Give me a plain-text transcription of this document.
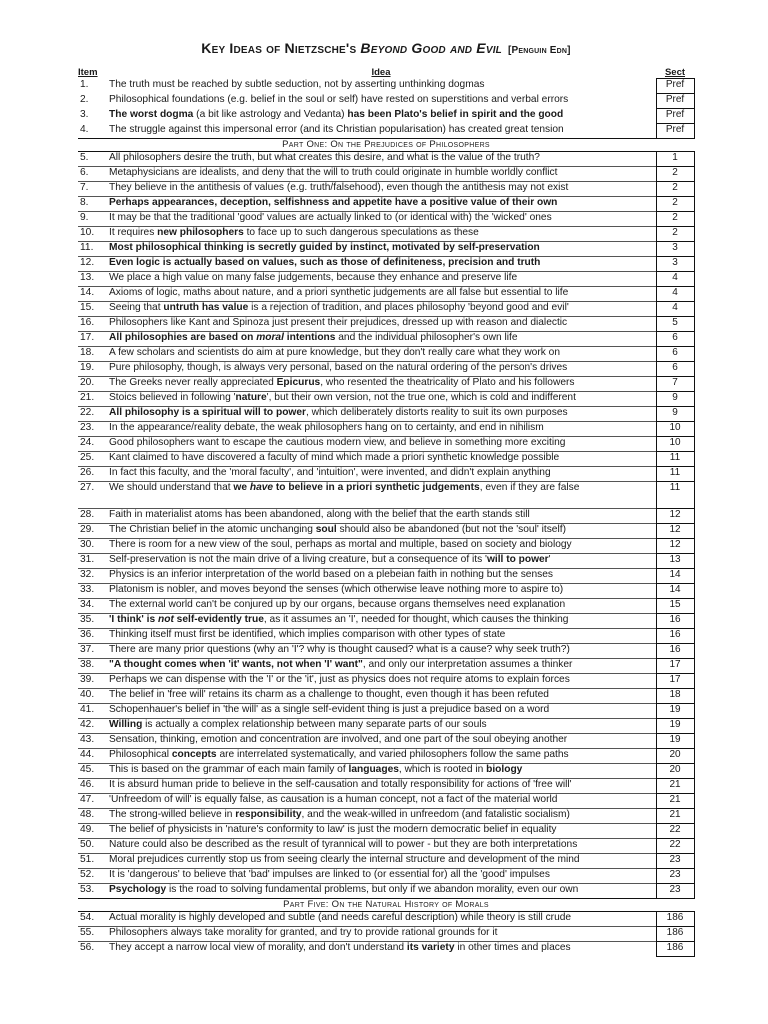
Key Ideas of Nietzsche's Beyond Good and Evil [Penguin Edn]
Item	Idea	Sect
1.	The truth must be reached by subtle seduction, not by asserting unthinking dogmas	Pref
2.	Philosophical foundations (e.g. belief in the soul or self) have rested on superstitions and verbal errors	Pref
3.	The worst dogma (a bit like astrology and Vedanta) has been Plato's belief in spirit and the good	Pref
4.	The struggle against this impersonal error (and its Christian popularisation) has created great tension	Pref
Part One: On the Prejudices of Philosophers		
5.	All philosophers desire the truth, but what creates this desire, and what is the value of the truth?	1
6.	Metaphysicians are idealists, and deny that the will to truth could originate in humble worldly conflict	2
7.	They believe in the antithesis of values (e.g. truth/falsehood), even though the antithesis may not exist	2
8.	Perhaps appearances, deception, selfishness and appetite have a positive value of their own	2
9.	It may be that the traditional 'good' values are actually linked to (or identical with) the 'wicked' ones	2
10.	It requires new philosophers to face up to such dangerous speculations as these	2
11.	Most philosophical thinking is secretly guided by instinct, motivated by self-preservation	3
12.	Even logic is actually based on values, such as those of definiteness, precision and truth	3
13.	We place a high value on many false judgements, because they enhance and preserve life	4
14.	Axioms of logic, maths about nature, and a priori synthetic judgements are all false but essential to life	4
15.	Seeing that untruth has value is a rejection of tradition, and places philosophy 'beyond good and evil'	4
16.	Philosophers like Kant and Spinoza just present their prejudices, dressed up with reason and dialectic	5
17.	All philosophies are based on moral intentions and the individual philosopher's own life	6
18.	A few scholars and scientists do aim at pure knowledge, but they don't really care what they work on	6
19.	Pure philosophy, though, is always very personal, based on the natural ordering of the person's drives	6
20.	The Greeks never really appreciated Epicurus, who resented the theatricality of Plato and his followers	7
21.	Stoics believed in following 'nature', but their own version, not the true one, which is cold and indifferent	9
22.	All philosophy is a spiritual will to power, which deliberately distorts reality to suit its own purposes	9
23.	In the appearance/reality debate, the weak philosophers hang on to certainty, and end in nihilism	10
24.	Good philosophers want to escape the cautious modern view, and believe in something more exciting	10
25.	Kant claimed to have discovered a faculty of mind which made a priori synthetic knowledge possible	11
26.	In fact this faculty, and the 'moral faculty', and 'intuition', were invented, and didn't explain anything	11
27.	We should understand that we have to believe in a priori synthetic judgements, even if they are false	11
28.	Faith in materialist atoms has been abandoned, along with the belief that the earth stands still	12
29.	The Christian belief in the atomic unchanging soul should also be abandoned (but not the 'soul' itself)	12
30.	There is room for a new view of the soul, perhaps as mortal and multiple, based on society and biology	12
31.	Self-preservation is not the main drive of a living creature, but a consequence of its 'will to power'	13
32.	Physics is an inferior interpretation of the world based on a plebeian faith in nothing but the senses	14
33.	Platonism is nobler, and moves beyond the senses (which otherwise leave nothing more to aspire to)	14
34.	The external world can't be conjured up by our organs, because organs themselves need explanation	15
35.	'I think' is not self-evidently true, as it assumes an 'I', needed for thought, which causes the thinking	16
36.	Thinking itself must first be identified, which implies comparison with other types of state	16
37.	There are many prior questions (why an 'I'? why is thought caused? what is a cause? why seek truth?)	16
38.	"A thought comes when 'it' wants, not when 'I' want", and only our interpretation assumes a thinker	17
39.	Perhaps we can dispense with the 'I' or the 'it', just as physics does not require atoms to explain forces	17
40.	The belief in 'free will' retains its charm as a challenge to thought, even though it has been refuted	18
41.	Schopenhauer's belief in 'the will' as a single self-evident thing is just a prejudice based on a word	19
42.	Willing is actually a complex relationship between many separate parts of our souls	19
43.	Sensation, thinking, emotion and concentration are involved, and one part of the soul obeying another	19
44.	Philosophical concepts are interrelated systematically, and varied philosophers follow the same paths	20
45.	This is based on the grammar of each main family of languages, which is rooted in biology	20
46.	It is absurd human pride to believe in the self-causation and totally responsibility for actions of 'free will'	21
47.	'Unfreedom of will' is equally false, as causation is a human concept, not a fact of the material world	21
48.	The strong-willed believe in responsibility, and the weak-willed in unfreedom (and fatalistic socialism)	21
49.	The belief of physicists in 'nature's conformity to law' is just the modern democratic belief in equality	22
50.	Nature could also be described as the result of tyrannical will to power - but they are both interpretations	22
51.	Moral prejudices currently stop us from seeing clearly the internal structure and development of the mind	23
52.	It is 'dangerous' to believe that 'bad' impulses are linked to (or essential for) all the 'good' impulses	23
53.	Psychology is the road to solving fundamental problems, but only if we abandon morality, even our own	23
Part Five: On the Natural History of Morals		
54.	Actual morality is highly developed and subtle (and needs careful description) while theory is still crude	186
55.	Philosophers always take morality for granted, and try to provide rational grounds for it	186
56.	They accept a narrow local view of morality, and don't understand its variety in other times and places	186
